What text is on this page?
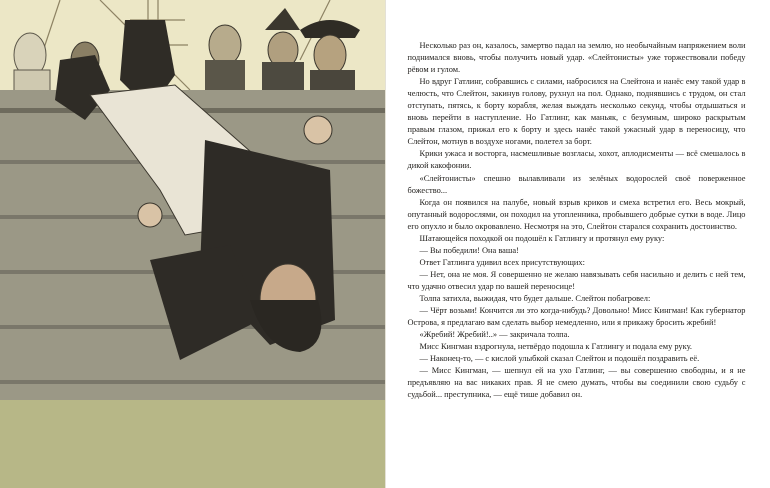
Несколько раз он, казалось, замертво падал на землю, но необычайным напряжением воли поднимался вновь, чтобы получить новый удар. «Слейтонисты» уже торжествовали победу рёвом и гулом.

Но вдруг Гатлинг, собравшись с силами, набросился на Слейтона и нанёс ему такой удар в челюсть, что Слейтон, закинув голову, рухнул на пол. Однако, поднявшись с трудом, он стал отступать, пятясь, к борту корабля, желая выждать несколько секунд, чтобы отдышаться и вновь перейти в наступление. Но Гатлинг, как маньяк, с безумным, широко раскрытым правым глазом, прижал его к борту и здесь нанёс такой ужасный удар в переносицу, что Слейтон, мотнув в воздухе ногами, полетел за борт.

Крики ужаса и восторга, насмешливые возгласы, хохот, аплодисменты — всё смешалось в дикой какофонии.

«Слейтонисты» спешно вылавливали из зелёных водорослей своё поверженное божество...

Когда он появился на палубе, новый взрыв криков и смеха встретил его. Весь мокрый, опутанный водорослями, он походил на утопленника, пробывшего добрые сутки в воде. Лицо его опухло и было окровавлено. Несмотря на это, Слейтон старался сохранить достоинство.

Шатающейся походкой он подошёл к Гатлингу и протянул ему руку:

— Вы победили! Она ваша!

Ответ Гатлинга удивил всех присутствующих:

— Нет, она не моя. Я совершенно не желаю навязывать себя насильно и делить с ней тем, что удачно отвесил удар по вашей переносице!

Толпа затихла, выжидая, что будет дальше. Слейтон побагровел:

— Чёрт возьми! Кончится ли это когда-нибудь? Довольно! Мисс Кингман! Как губернатор Острова, я предлагаю вам сделать выбор немедленно, или я прикажу бросить жребий!

«Жребий! Жребий!..» — закричала толпа.

Мисс Кингман вздрогнула, нетвёрдо подошла к Гатлингу и подала ему руку.

— Наконец-то, — с кислой улыбкой сказал Слейтон и подошёл поздравить её.

— Мисс Кингман, — шепнул ей на ухо Гатлинг, — вы совершенно свободны, и я не предъявляю на вас никаких прав. Я не смею думать, чтобы вы соединили свою судьбу с судьбой... преступника, — ещё тише добавил он.
